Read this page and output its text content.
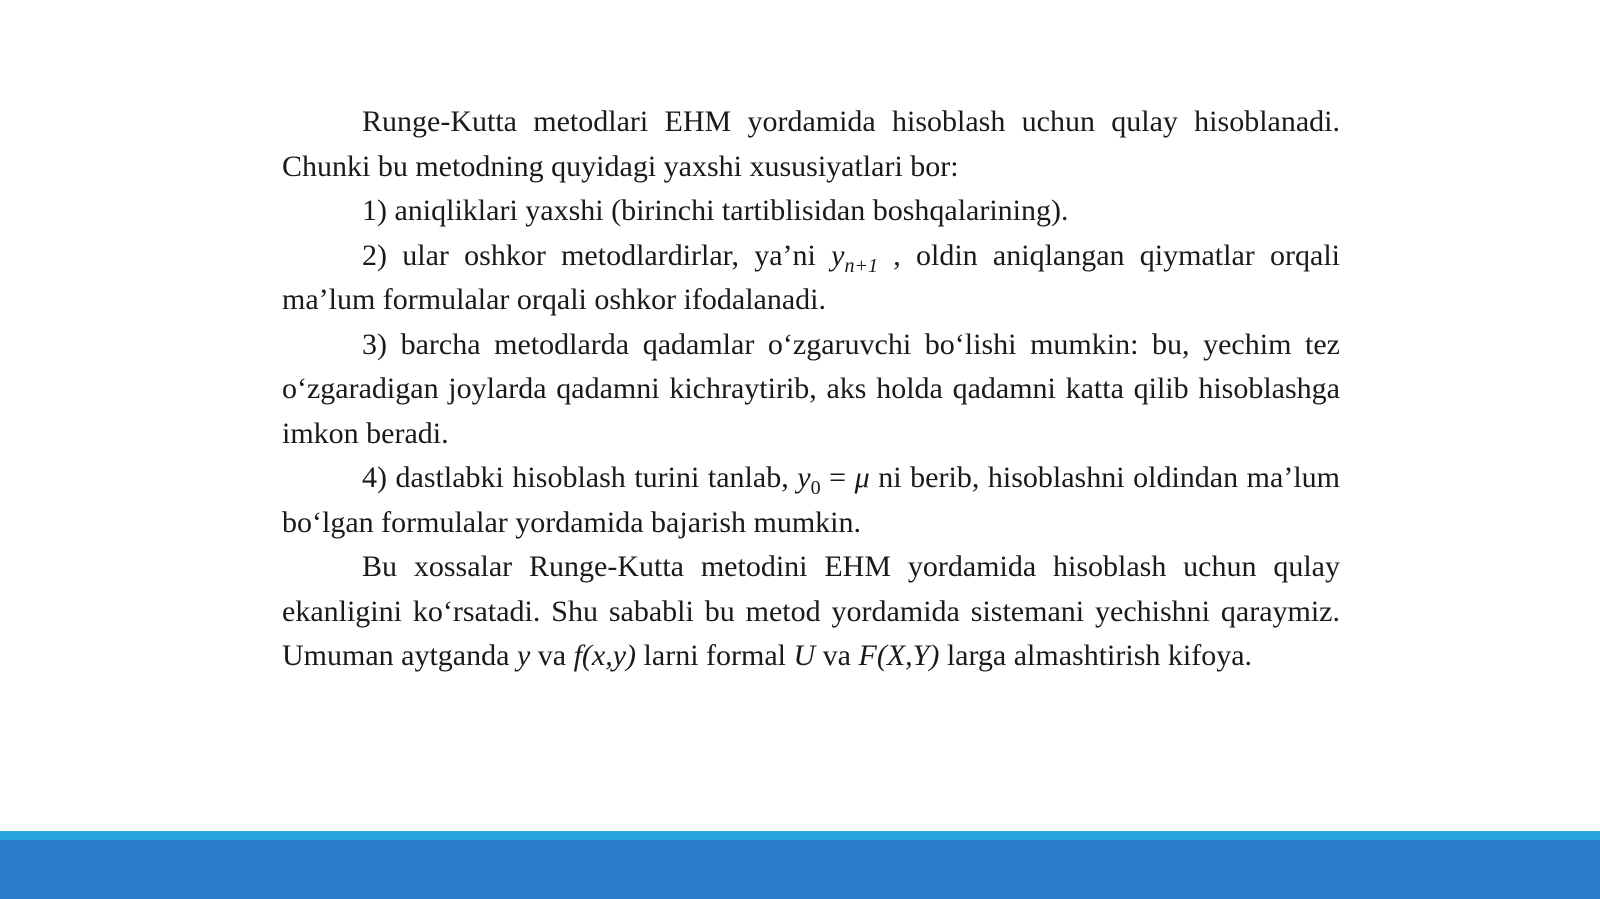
Runge-Kutta metodlari EHM yordamida hisoblash uchun qulay hisoblanadi. Chunki bu metodning quyidagi yaxshi xususiyatlari bor:

1) aniqliklari yaxshi (birinchi tartiblisidan boshqalarining).

2) ular oshkor metodlardirlar, ya’ni $y_{n+1}$ , oldin aniqlangan qiymatlar orqali ma’lum formulalar orqali oshkor ifodalanadi.

3) barcha metodlarda qadamlar o‘zgaruvchi bo‘lishi mumkin: bu, yechim tez o‘zgaradigan joylarda qadamni kichraytirib, aks holda qadamni katta qilib hisoblashga imkon beradi.

4) dastlabki hisoblash turini tanlab, $y_0 = \mu$ ni berib, hisoblashni oldindan ma’lum bo‘lgan formulalar yordamida bajarish mumkin.

Bu xossalar Runge-Kutta metodini EHM yordamida hisoblash uchun qulay ekanligini ko‘rsatadi. Shu sababli bu metod yordamida sistemani yechishni qaraymiz. Umuman aytganda y va f(x,y) larni formal U va F(X,Y) larga almashtirish kifoya.
